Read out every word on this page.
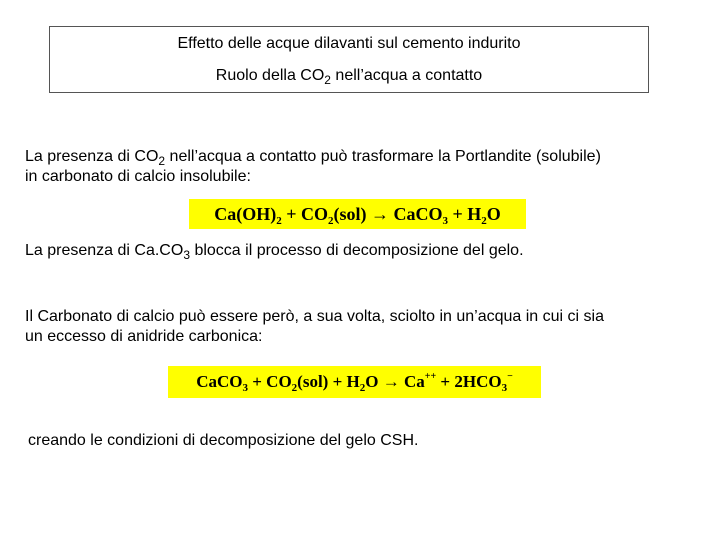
Effetto delle acque dilavanti sul cemento indurito
Ruolo della $CO_2$ nell’acqua a contatto
La presenza di $CO_2$ nell’acqua a contatto può trasformare la Portlandite (solubile)
in carbonato di calcio insolubile:
$Ca(OH)_2 + CO_2(sol)$ → CaCO$_3$ + $H_2O$
La presenza di $Ca.CO_3$ blocca il processo di decomposizione del gelo.
Il Carbonato di calcio può essere però, a sua volta, sciolto in un’acqua in cui ci sia
un eccesso di anidride carbonica:
CaCO$_3$ + $CO_2(sol) + H_2O \to Ca^{++} + 2HCO_3^-$
creando le condizioni di decomposizione del gelo CSH.
